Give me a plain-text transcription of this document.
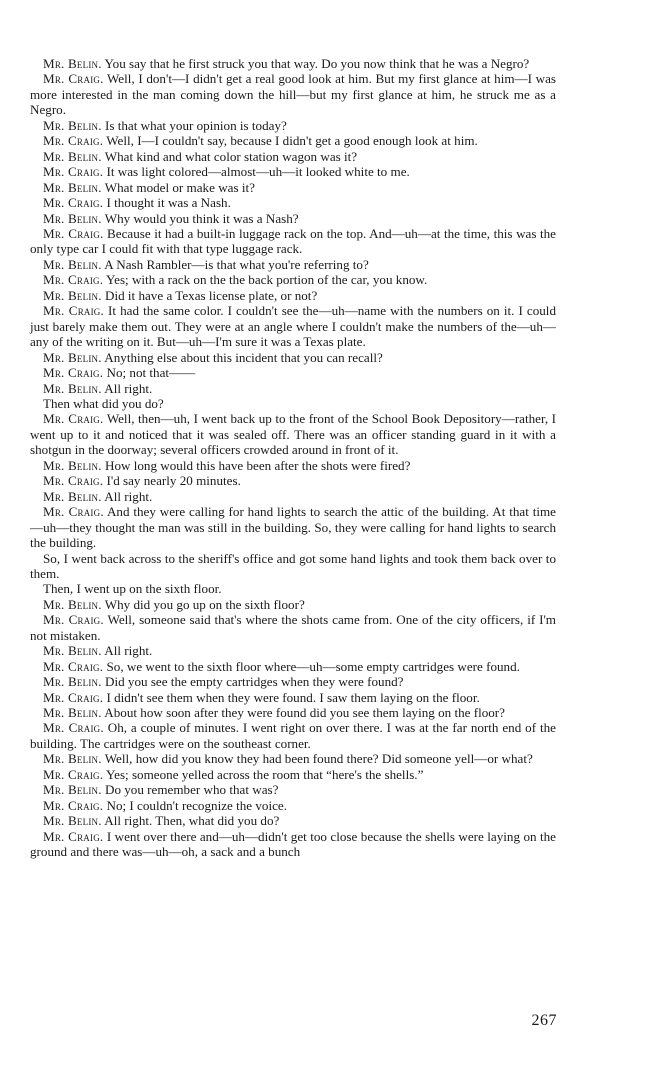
Mr. Belin. You say that he first struck you that way. Do you now think that he was a Negro?

Mr. Craig. Well, I don't—I didn't get a real good look at him. But my first glance at him—I was more interested in the man coming down the hill—but my first glance at him, he struck me as a Negro.

Mr. Belin. Is that what your opinion is today?

Mr. Craig. Well, I—I couldn't say, because I didn't get a good enough look at him.

Mr. Belin. What kind and what color station wagon was it?

Mr. Craig. It was light colored—almost—uh—it looked white to me.

Mr. Belin. What model or make was it?

Mr. Craig. I thought it was a Nash.

Mr. Belin. Why would you think it was a Nash?

Mr. Craig. Because it had a built-in luggage rack on the top. And—uh—at the time, this was the only type car I could fit with that type luggage rack.

Mr. Belin. A Nash Rambler—is that what you're referring to?

Mr. Craig. Yes; with a rack on the the back portion of the car, you know.

Mr. Belin. Did it have a Texas license plate, or not?

Mr. Craig. It had the same color. I couldn't see the—uh—name with the numbers on it. I could just barely make them out. They were at an angle where I couldn't make the numbers of the—uh—any of the writing on it. But—uh—I'm sure it was a Texas plate.

Mr. Belin. Anything else about this incident that you can recall?

Mr. Craig. No; not that——

Mr. Belin. All right.

Then what did you do?

Mr. Craig. Well, then—uh, I went back up to the front of the School Book Depository—rather, I went up to it and noticed that it was sealed off. There was an officer standing guard in it with a shotgun in the doorway; several officers crowded around in front of it.

Mr. Belin. How long would this have been after the shots were fired?

Mr. Craig. I'd say nearly 20 minutes.

Mr. Belin. All right.

Mr. Craig. And they were calling for hand lights to search the attic of the building. At that time—uh—they thought the man was still in the building. So, they were calling for hand lights to search the building.

So, I went back across to the sheriff's office and got some hand lights and took them back over to them.

Then, I went up on the sixth floor.

Mr. Belin. Why did you go up on the sixth floor?

Mr. Craig. Well, someone said that's where the shots came from. One of the city officers, if I'm not mistaken.

Mr. Belin. All right.

Mr. Craig. So, we went to the sixth floor where—uh—some empty cartridges were found.

Mr. Belin. Did you see the empty cartridges when they were found?

Mr. Craig. I didn't see them when they were found. I saw them laying on the floor.

Mr. Belin. About how soon after they were found did you see them laying on the floor?

Mr. Craig. Oh, a couple of minutes. I went right on over there. I was at the far north end of the building. The cartridges were on the southeast corner.

Mr. Belin. Well, how did you know they had been found there? Did someone yell—or what?

Mr. Craig. Yes; someone yelled across the room that “here's the shells.”

Mr. Belin. Do you remember who that was?

Mr. Craig. No; I couldn't recognize the voice.

Mr. Belin. All right. Then, what did you do?

Mr. Craig. I went over there and—uh—didn't get too close because the shells were laying on the ground and there was—uh—oh, a sack and a bunch

267
